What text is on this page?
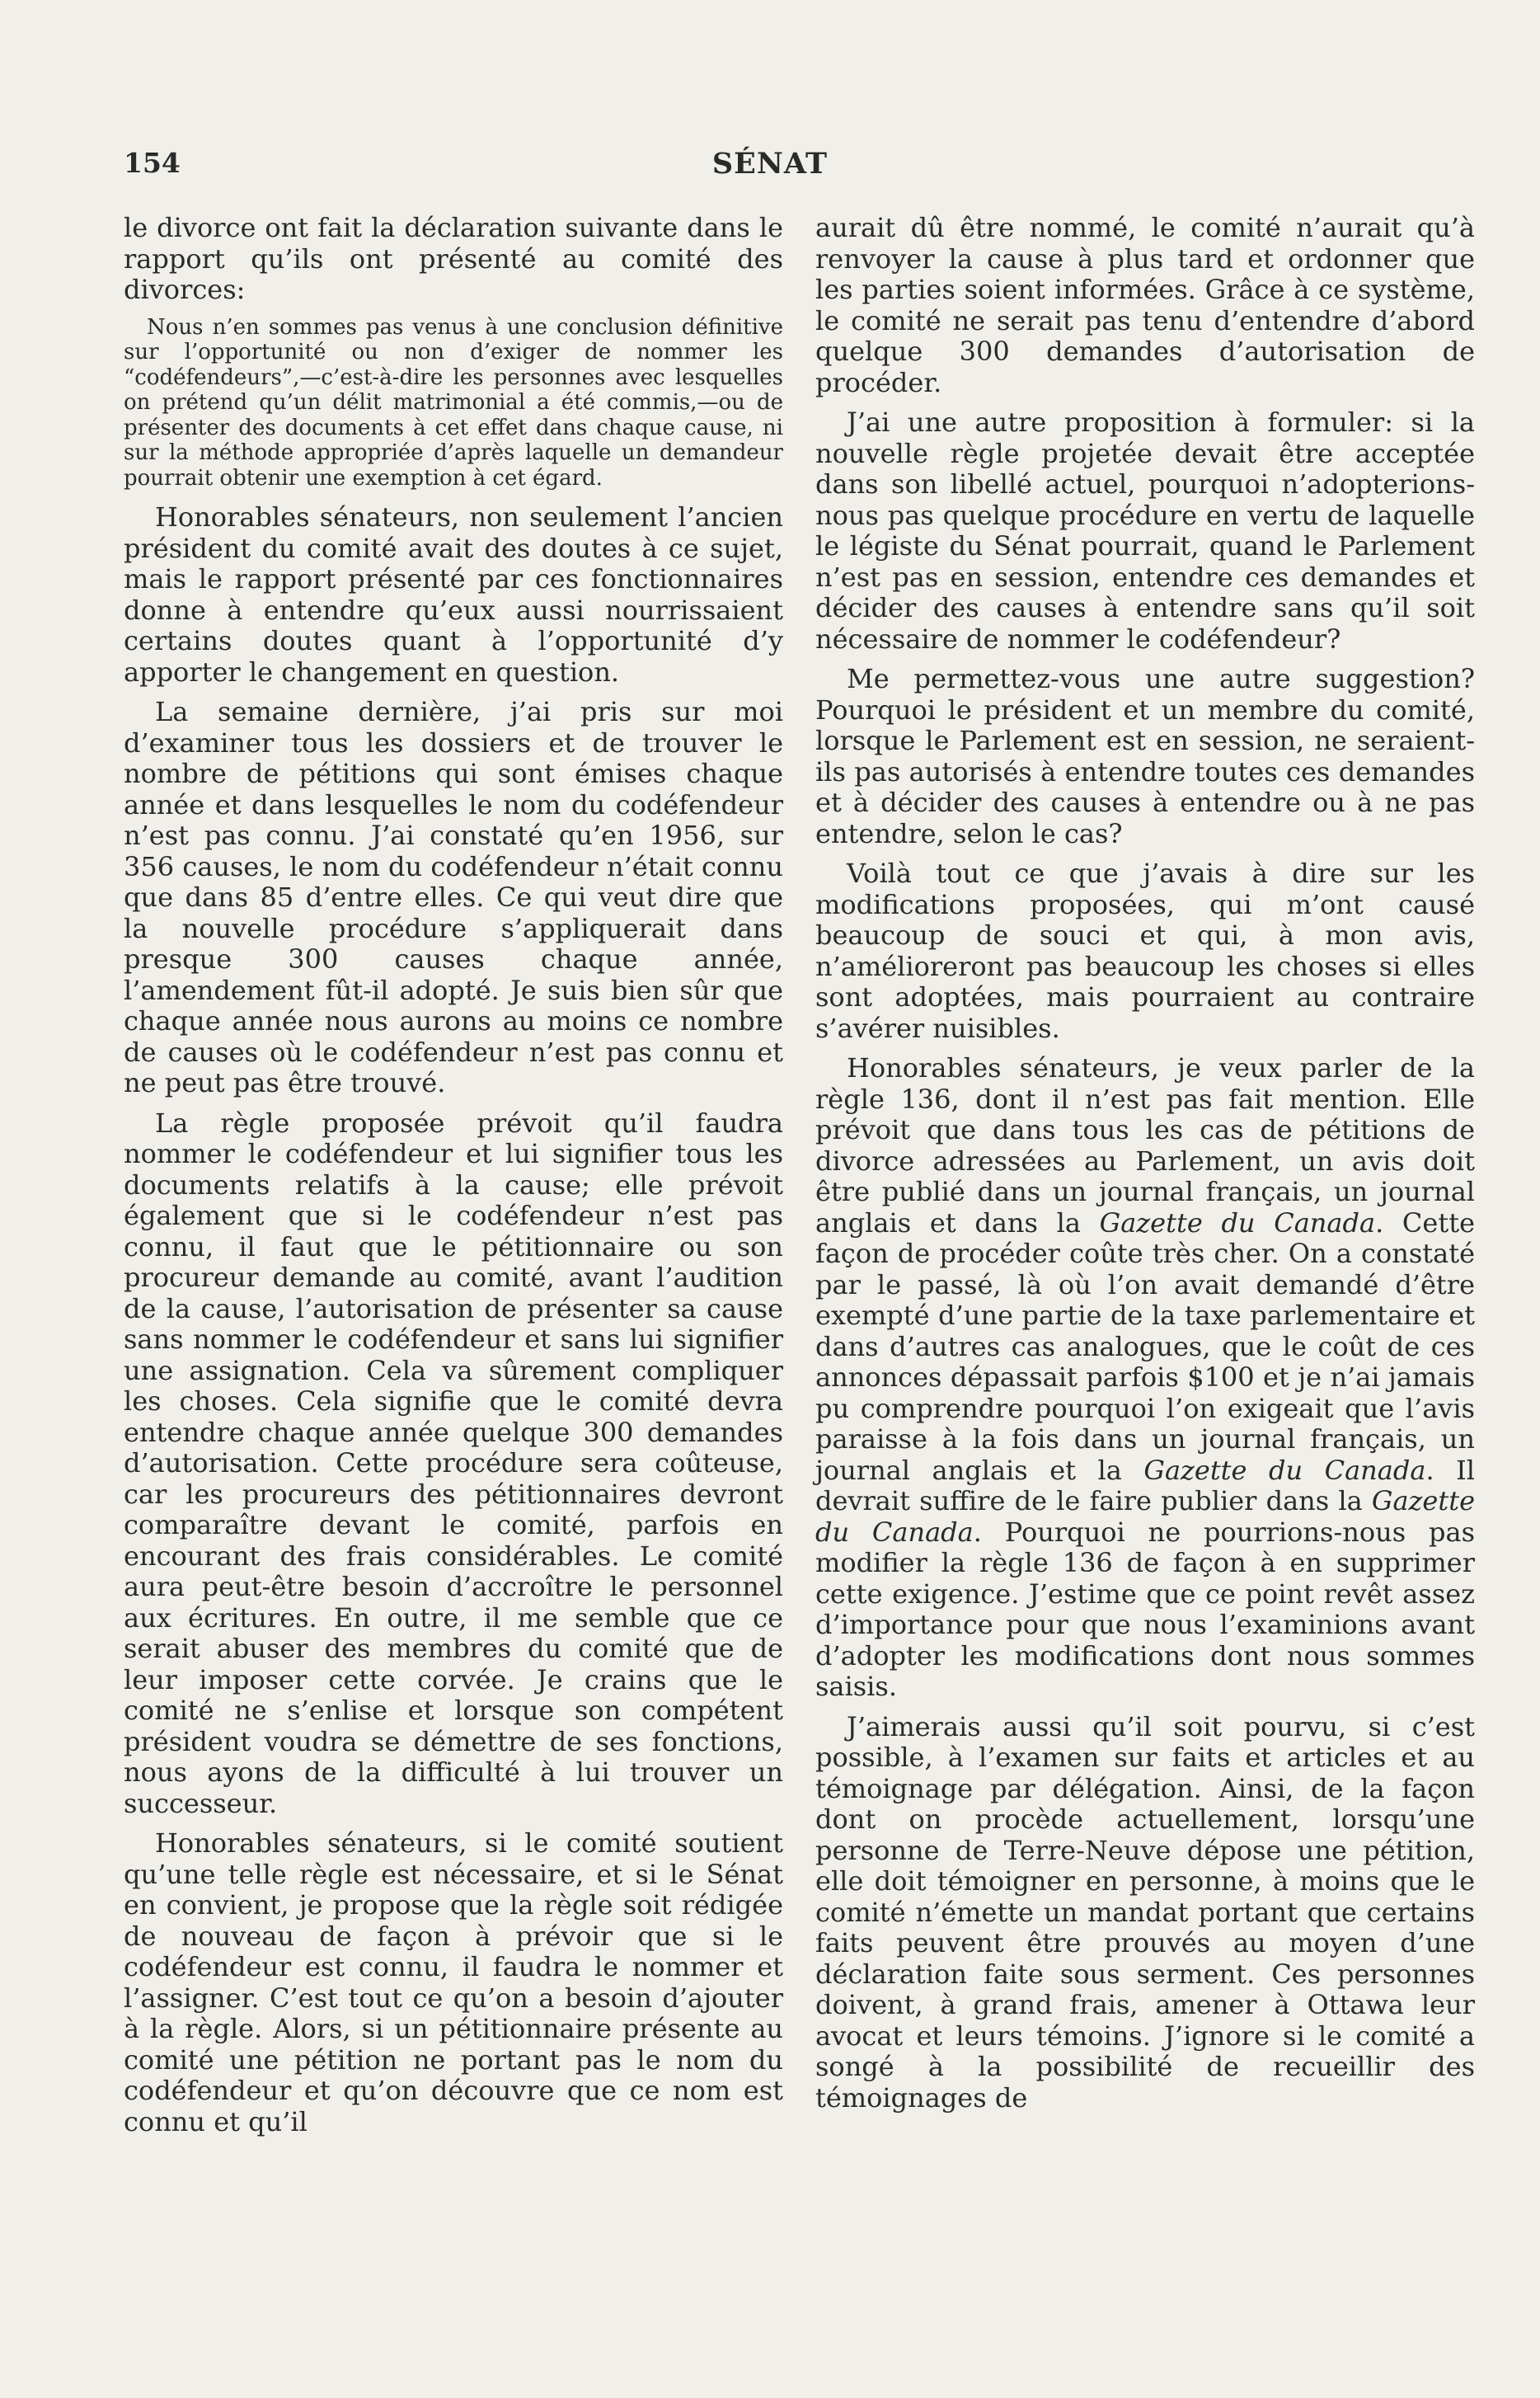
154	SÉNAT

le divorce ont fait la déclaration suivante dans le rapport qu’ils ont présenté au comité des divorces:

Nous n’en sommes pas venus à une conclusion définitive sur l’opportunité ou non d’exiger de nommer les “codéfendeurs”,—c’est-à-dire les personnes avec lesquelles on prétend qu’un délit matrimonial a été commis,—ou de présenter des documents à cet effet dans chaque cause, ni sur la méthode appropriée d’après laquelle un demandeur pourrait obtenir une exemption à cet égard.

Honorables sénateurs, non seulement l’ancien président du comité avait des doutes à ce sujet, mais le rapport présenté par ces fonctionnaires donne à entendre qu’eux aussi nourrissaient certains doutes quant à l’opportunité d’y apporter le changement en question.

La semaine dernière, j’ai pris sur moi d’examiner tous les dossiers et de trouver le nombre de pétitions qui sont émises chaque année et dans lesquelles le nom du codéfendeur n’est pas connu. J’ai constaté qu’en 1956, sur 356 causes, le nom du codéfendeur n’était connu que dans 85 d’entre elles. Ce qui veut dire que la nouvelle procédure s’appliquerait dans presque 300 causes chaque année, l’amendement fût-il adopté. Je suis bien sûr que chaque année nous aurons au moins ce nombre de causes où le codéfendeur n’est pas connu et ne peut pas être trouvé.

La règle proposée prévoit qu’il faudra nommer le codéfendeur et lui signifier tous les documents relatifs à la cause; elle prévoit également que si le codéfendeur n’est pas connu, il faut que le pétitionnaire ou son procureur demande au comité, avant l’audition de la cause, l’autorisation de présenter sa cause sans nommer le codéfendeur et sans lui signifier une assignation. Cela va sûrement compliquer les choses. Cela signifie que le comité devra entendre chaque année quelque 300 demandes d’autorisation. Cette procédure sera coûteuse, car les procureurs des pétitionnaires devront comparaître devant le comité, parfois en encourant des frais considérables. Le comité aura peut-être besoin d’accroître le personnel aux écritures. En outre, il me semble que ce serait abuser des membres du comité que de leur imposer cette corvée. Je crains que le comité ne s’enlise et lorsque son compétent président voudra se démettre de ses fonctions, nous ayons de la difficulté à lui trouver un successeur.

Honorables sénateurs, si le comité soutient qu’une telle règle est nécessaire, et si le Sénat en convient, je propose que la règle soit rédigée de nouveau de façon à prévoir que si le codéfendeur est connu, il faudra le nommer et l’assigner. C’est tout ce qu’on a besoin d’ajouter à la règle. Alors, si un pétitionnaire présente au comité une pétition ne portant pas le nom du codéfendeur et qu’on découvre que ce nom est connu et qu’il

aurait dû être nommé, le comité n’aurait qu’à renvoyer la cause à plus tard et ordonner que les parties soient informées. Grâce à ce système, le comité ne serait pas tenu d’entendre d’abord quelque 300 demandes d’autorisation de procéder.

J’ai une autre proposition à formuler: si la nouvelle règle projetée devait être acceptée dans son libellé actuel, pourquoi n’adopterions-nous pas quelque procédure en vertu de laquelle le légiste du Sénat pourrait, quand le Parlement n’est pas en session, entendre ces demandes et décider des causes à entendre sans qu’il soit nécessaire de nommer le codéfendeur?

Me permettez-vous une autre suggestion? Pourquoi le président et un membre du comité, lorsque le Parlement est en session, ne seraient-ils pas autorisés à entendre toutes ces demandes et à décider des causes à entendre ou à ne pas entendre, selon le cas?

Voilà tout ce que j’avais à dire sur les modifications proposées, qui m’ont causé beaucoup de souci et qui, à mon avis, n’amélioreront pas beaucoup les choses si elles sont adoptées, mais pourraient au contraire s’avérer nuisibles.

Honorables sénateurs, je veux parler de la règle 136, dont il n’est pas fait mention. Elle prévoit que dans tous les cas de pétitions de divorce adressées au Parlement, un avis doit être publié dans un journal français, un journal anglais et dans la Gazette du Canada. Cette façon de procéder coûte très cher. On a constaté par le passé, là où l’on avait demandé d’être exempté d’une partie de la taxe parlementaire et dans d’autres cas analogues, que le coût de ces annonces dépassait parfois $100 et je n’ai jamais pu comprendre pourquoi l’on exigeait que l’avis paraisse à la fois dans un journal français, un journal anglais et la Gazette du Canada. Il devrait suffire de le faire publier dans la Gazette du Canada. Pourquoi ne pourrions-nous pas modifier la règle 136 de façon à en supprimer cette exigence. J’estime que ce point revêt assez d’importance pour que nous l’examinions avant d’adopter les modifications dont nous sommes saisis.

J’aimerais aussi qu’il soit pourvu, si c’est possible, à l’examen sur faits et articles et au témoignage par délégation. Ainsi, de la façon dont on procède actuellement, lorsqu’une personne de Terre-Neuve dépose une pétition, elle doit témoigner en personne, à moins que le comité n’émette un mandat portant que certains faits peuvent être prouvés au moyen d’une déclaration faite sous serment. Ces personnes doivent, à grand frais, amener à Ottawa leur avocat et leurs témoins. J’ignore si le comité a songé à la possibilité de recueillir des témoignages de
